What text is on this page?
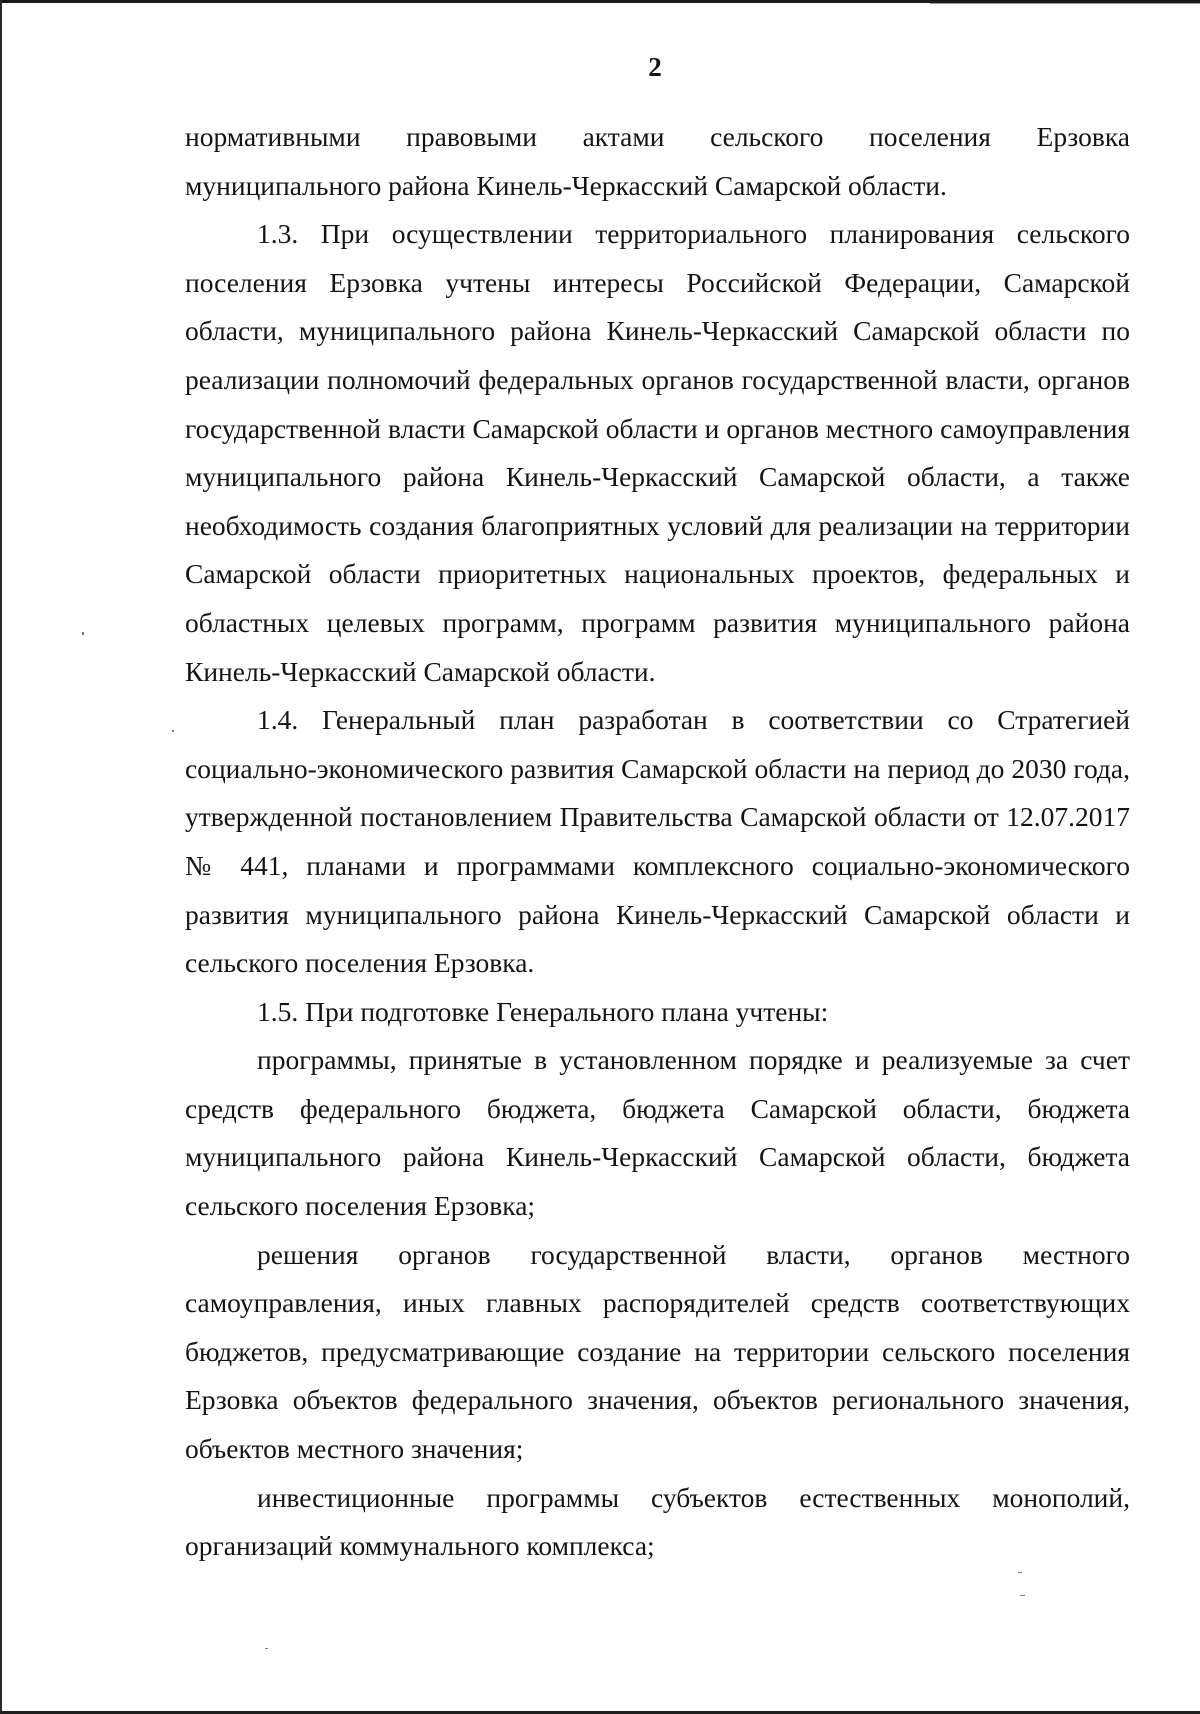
2

нормативными правовыми актами сельского поселения Ерзовка

муниципального района Кинель-Черкасский Самарской области.

1.3. При осуществлении территориального планирования сельского поселения Ерзовка учтены интересы Российской Федерации, Самарской области, муниципального района Кинель-Черкасский Самарской области по реализации полномочий федеральных органов государственной власти, органов государственной власти Самарской области и органов местного самоуправления муниципального района Кинель-Черкасский Самарской области, а также необходимость создания благоприятных условий для реализации на территории Самарской области приоритетных национальных проектов, федеральных и областных целевых программ, программ развития муниципального района Кинель-Черкасский Самарской области.

1.4. Генеральный план разработан в соответствии со Стратегией социально-экономического развития Самарской области на период до 2030 года, утвержденной постановлением Правительства Самарской области от 12.07.2017 № 441, планами и программами комплексного социально-экономического развития муниципального района Кинель-Черкасский Самарской области и сельского поселения Ерзовка.

1.5. При подготовке Генерального плана учтены:

программы, принятые в установленном порядке и реализуемые за счет средств федерального бюджета, бюджета Самарской области, бюджета муниципального района Кинель-Черкасский Самарской области, бюджета сельского поселения Ерзовка;

решения органов государственной власти, органов местного самоуправления, иных главных распорядителей средств соответствующих бюджетов, предусматривающие создание на территории сельского поселения Ерзовка объектов федерального значения, объектов регионального значения, объектов местного значения;

инвестиционные программы субъектов естественных монополий, организаций коммунального комплекса;
